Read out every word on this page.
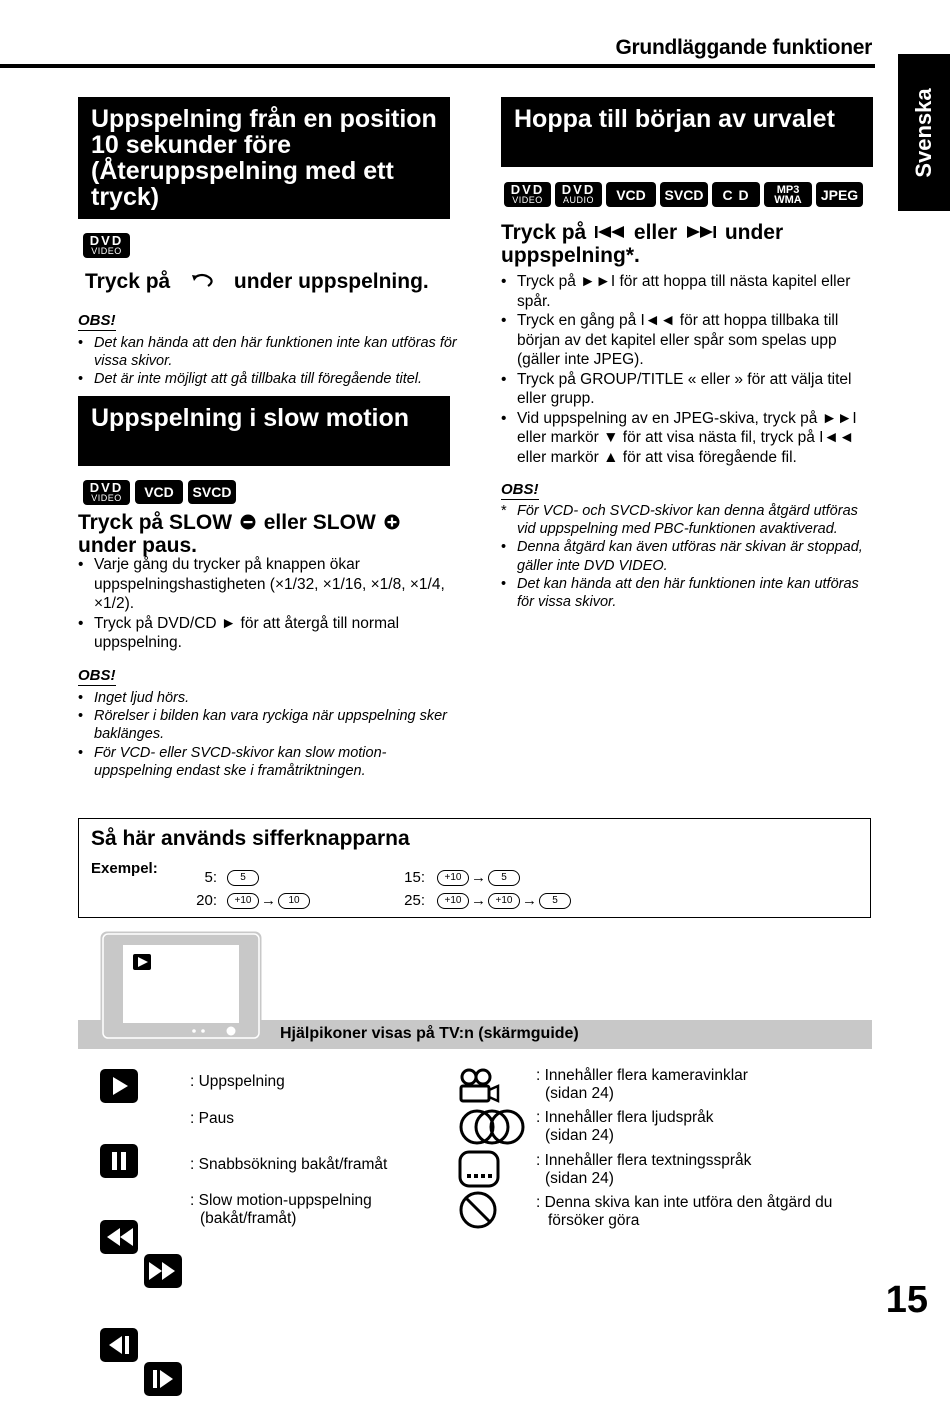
Grundläggande funktioner
Svenska
Uppspelning från en position 10 sekunder före (Återuppspelning med ett tryck)
DVD
VIDEO
Tryck på	under uppspelning.
OBS!
• Det kan hända att den här funktionen inte kan utföras för vissa skivor.
• Det är inte möjligt att gå tillbaka till föregående titel.
Uppspelning i slow motion
DVD
VIDEO	VCD	SVCD
Tryck på SLOW eller SLOW
under paus.
• Varje gång du trycker på knappen ökar uppspelningshastigheten (×1/32, ×1/16, ×1/8, ×1/4, ×1/2).
• Tryck på DVD/CD ► för att återgå till normal uppspelning.
OBS!
• Inget ljud hörs.
• Rörelser i bilden kan vara ryckiga när uppspelning sker baklänges.
• För VCD- eller SVCD-skivor kan slow motion-uppspelning endast ske i framåtriktningen.
Hoppa till början av urvalet
DVD
VIDEO
DVD
AUDIO	VCD	SVCD	C D	MP3
WMA	JPEG
Tryck på eller under uppspelning*.
• Tryck på ►►I för att hoppa till nästa kapitel eller spår.
• Tryck en gång på I◄◄ för att hoppa tillbaka till början av det kapitel eller spår som spelas upp (gäller inte JPEG).
• Tryck på GROUP/TITLE « eller » för att välja titel eller grupp.
• Vid uppspelning av en JPEG-skiva, tryck på ►►I eller markör ▼ för att visa nästa fil, tryck på I◄◄ eller markör ▲ för att visa föregående fil.
OBS!
* För VCD- och SVCD-skivor kan denna åtgärd utföras vid uppspelning med PBC-funktionen avaktiverad.
• Denna åtgärd kan även utföras när skivan är stoppad, gäller inte DVD VIDEO.
• Det kan hända att den här funktionen inte kan utföras för vissa skivor.
Så här används sifferknapparna
Exempel:
5: 5
20: +10 → 10
15: +10 → 5
25: +10 → +10 → 5
Hjälpikoner visas på TV:n (skärmguide)
: Uppspelning
: Paus
: Snabbsökning bakåt/framåt
: Slow motion-uppspelning
(bakåt/framåt)
: Innehåller flera kameravinklar
(sidan 24)
: Innehåller flera ljudspråk
(sidan 24)
: Innehåller flera textningsspråk
(sidan 24)
: Denna skiva kan inte utföra den åtgärd du
försöker göra
15
